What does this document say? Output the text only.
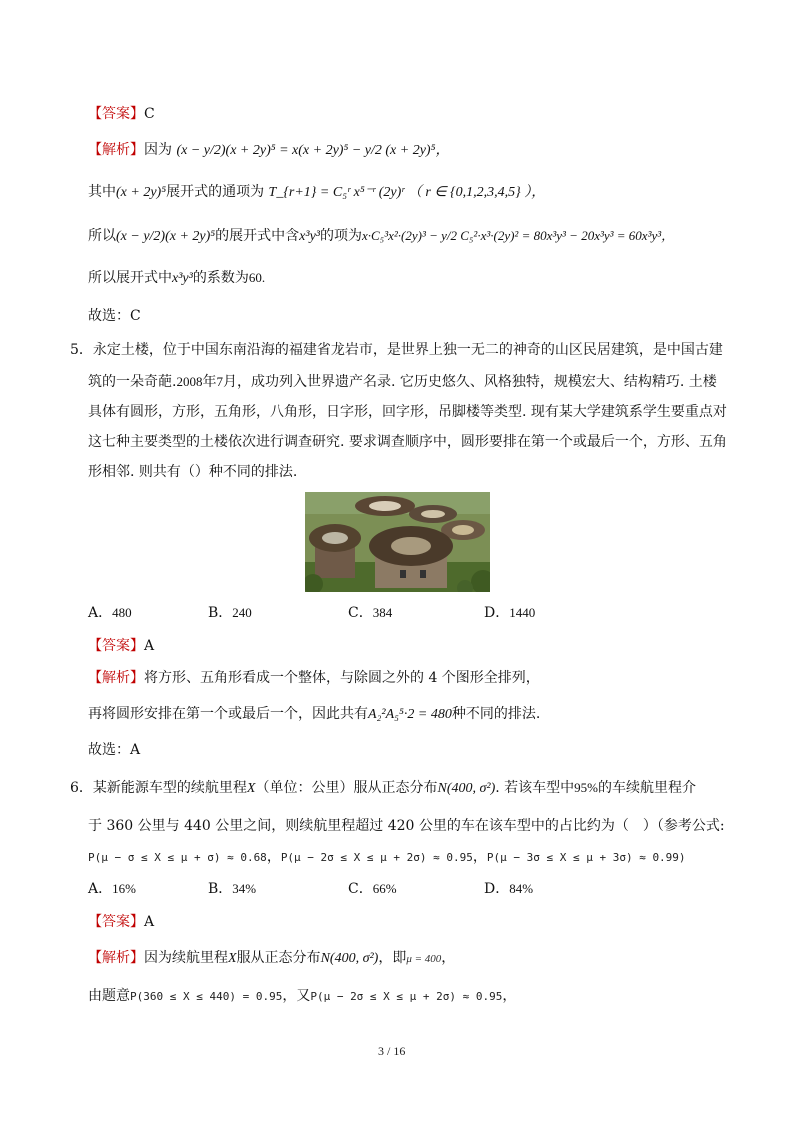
【答案】C
【解析】因为 (x − y/2)(x + 2y)⁵ = x(x + 2y)⁵ − y/2 (x + 2y)⁵，
其中(x + 2y)⁵展开式的通项为 T_{r+1} = C₅ʳ x⁵⁻ʳ (2y)ʳ （ r ∈ {0,1,2,3,4,5} ），
所以(x − y/2)(x + 2y)⁵的展开式中含x³y³的项为x·C₅³x²·(2y)³ − y/2 C₅²·x³·(2y)² = 80x³y³ − 20x³y³ = 60x³y³，
所以展开式中x³y³的系数为60.
故选：C
5．永定土楼，位于中国东南沿海的福建省龙岩市，是世界上独一无二的神奇的山区民居建筑，是中国古建
筑的一朵奇葩.2008年7月，成功列入世界遗产名录. 它历史悠久、风格独特，规模宏大、结构精巧. 土楼
具体有圆形，方形，五角形，八角形，日字形，回字形，吊脚楼等类型. 现有某大学建筑系学生要重点对
这七种主要类型的土楼依次进行调查研究. 要求调查顺序中，圆形要排在第一个或最后一个，方形、五角
形相邻. 则共有（）种不同的排法.
A．480	B．240	C．384	D．1440
【答案】A
【解析】将方形、五角形看成一个整体，与除圆之外的 4 个图形全排列，
再将圆形安排在第一个或最后一个，因此共有A₂²A₅⁵·2 = 480种不同的排法.
故选：A
6．某新能源车型的续航里程X（单位：公里）服从正态分布N(400, σ²). 若该车型中95%的车续航里程介
于 360 公里与 440 公里之间，则续航里程超过 420 公里的车在该车型中的占比约为（　）（参考公式:
P(μ − σ ≤ X ≤ μ + σ) ≈ 0.68，P(μ − 2σ ≤ X ≤ μ + 2σ) ≈ 0.95，P(μ − 3σ ≤ X ≤ μ + 3σ) ≈ 0.99)
A．16%	B．34%	C．66%	D．84%
【答案】A
【解析】因为续航里程X服从正态分布N(400, σ²)，即μ = 400，
由题意P(360 ≤ X ≤ 440) = 0.95，又P(μ − 2σ ≤ X ≤ μ + 2σ) ≈ 0.95，
3 / 16
